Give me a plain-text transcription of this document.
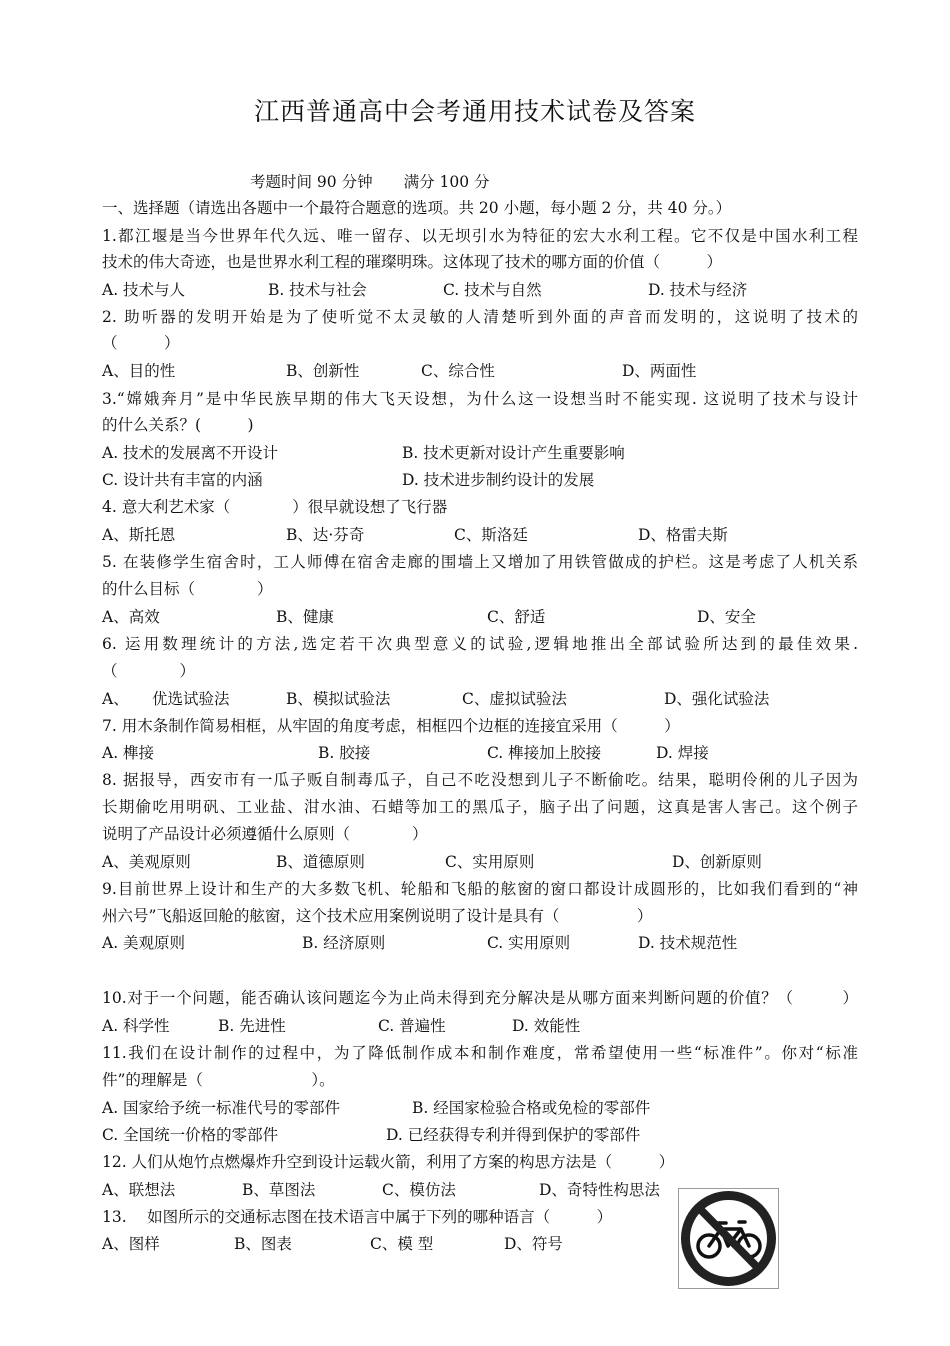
江西普通高中会考通用技术试卷及答案
考题时间 90 分钟　　满分 100 分
一、选择题（请选出各题中一个最符合题意的选项。共 20 小题，每小题 2 分，共 40 分。）
1.都江堰是当今世界年代久远、唯一留存、以无坝引水为特征的宏大水利工程。它不仅是中国水利工程
技术的伟大奇迹，也是世界水利工程的璀璨明珠。这体现了技术的哪方面的价值（　　　）
A. 技术与人	B. 技术与社会	C. 技术与自然	D. 技术与经济
2. 助听器的发明开始是为了使听觉不太灵敏的人清楚听到外面的声音而发明的，这说明了技术的
（　　　）
A、目的性	B、创新性	C、综合性	D、两面性
3.“嫦娥奔月”是中华民族早期的伟大飞天设想，为什么这一设想当时不能实现. 这说明了技术与设计
的什么关系？(　　　)
A. 技术的发展离不开设计	B. 技术更新对设计产生重要影响
C. 设计共有丰富的内涵	D. 技术进步制约设计的发展
4. 意大利艺术家（　　　　）很早就设想了飞行器
A、斯托恩	B、达·芬奇	C、斯洛廷	D、格雷夫斯
5. 在装修学生宿舍时，工人师傅在宿舍走廊的围墙上又增加了用铁管做成的护栏。这是考虑了人机关系
的什么目标（　　　　）
A、高效	B、健康	C、舒适	D、安全
6. 运用数理统计的方法,选定若干次典型意义的试验,逻辑地推出全部试验所达到的最佳效果.
（　　　　）
A、　　优选试验法	B、模拟试验法	C、虚拟试验法	D、强化试验法
7. 用木条制作简易相框，从牢固的角度考虑，相框四个边框的连接宜采用（　　　）
A. 榫接	B. 胶接	C. 榫接加上胶接	D. 焊接
8. 据报导，西安市有一瓜子贩自制毒瓜子，自己不吃没想到儿子不断偷吃。结果，聪明伶俐的儿子因为
长期偷吃用明矾、工业盐、泔水油、石蜡等加工的黑瓜子，脑子出了问题，这真是害人害己。这个例子
说明了产品设计必须遵循什么原则（　　　　）
A、美观原则	B、道德原则	C、实用原则	D、创新原则
9.目前世界上设计和生产的大多数飞机、轮船和飞船的舷窗的窗口都设计成圆形的，比如我们看到的“神
州六号”飞船返回舱的舷窗，这个技术应用案例说明了设计是具有（　　　　　）
A. 美观原则	B. 经济原则	C. 实用原则	D. 技术规范性
10.对于一个问题，能否确认该问题迄今为止尚未得到充分解决是从哪方面来判断问题的价值？（　　　）
A. 科学性	B. 先进性	C. 普遍性	D. 效能性
11.我们在设计制作的过程中，为了降低制作成本和制作难度，常希望使用一些“标准件”。你对“标准
件”的理解是（　　　　　　　）。
A. 国家给予统一标准代号的零部件	B. 经国家检验合格或免检的零部件
C. 全国统一价格的零部件	D. 已经获得专利并得到保护的零部件
12. 人们从炮竹点燃爆炸升空到设计运载火箭，利用了方案的构思方法是（　　　）
A、联想法	B、草图法	C、模仿法	D、奇特性构思法
13.　 如图所示的交通标志图在技术语言中属于下列的哪种语言（　　　）
A、图样	B、图表	C、模 型	D、符号
